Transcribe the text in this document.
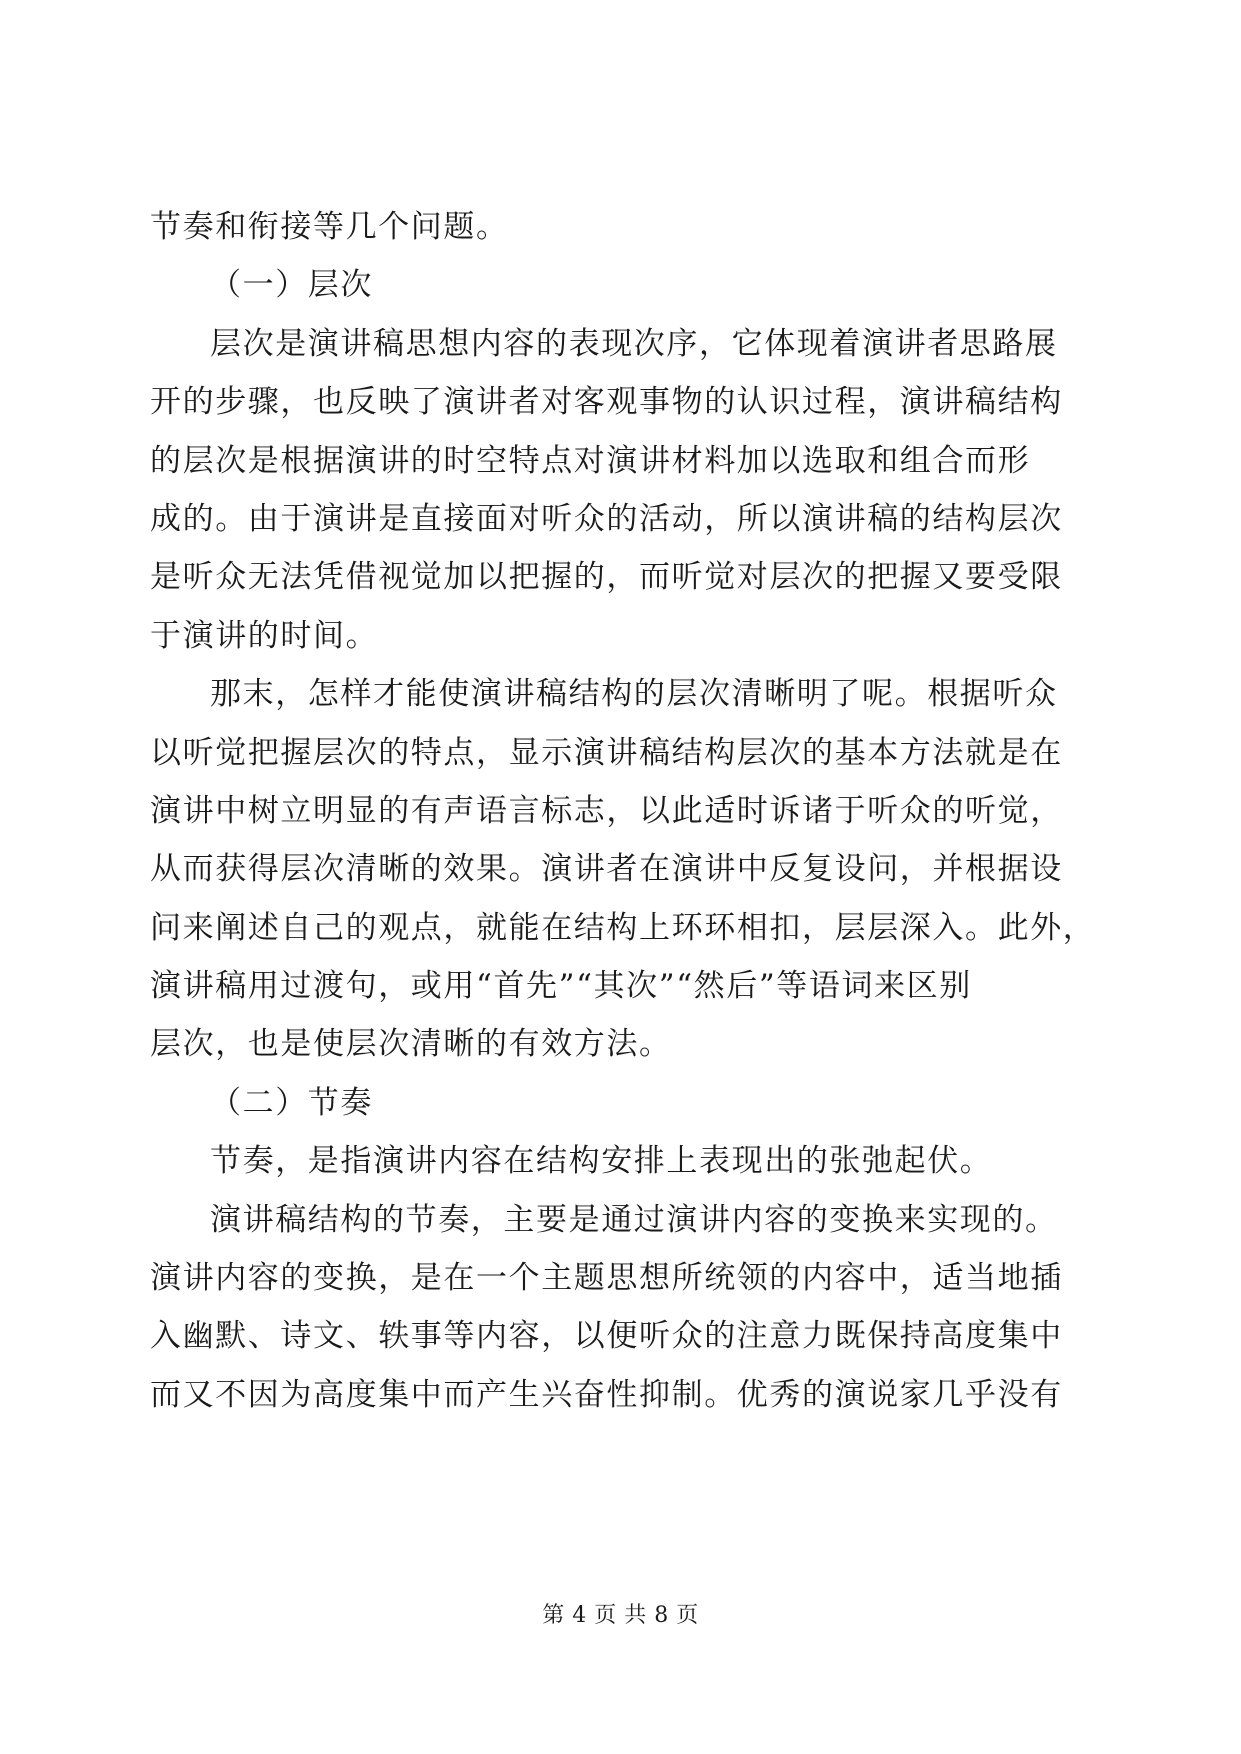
节奏和衔接等几个问题。
（一）层次
层次是演讲稿思想内容的表现次序，它体现着演讲者思路展
开的步骤，也反映了演讲者对客观事物的认识过程，演讲稿结构
的层次是根据演讲的时空特点对演讲材料加以选取和组合而形
成的。由于演讲是直接面对听众的活动，所以演讲稿的结构层次
是听众无法凭借视觉加以把握的，而听觉对层次的把握又要受限
于演讲的时间。
那末，怎样才能使演讲稿结构的层次清晰明了呢。根据听众
以听觉把握层次的特点，显示演讲稿结构层次的基本方法就是在
演讲中树立明显的有声语言标志，以此适时诉诸于听众的听觉，
从而获得层次清晰的效果。演讲者在演讲中反复设问，并根据设
问来阐述自己的观点，就能在结构上环环相扣，层层深入。此外，
演讲稿用过渡句，或用“首先”“其次”“然后”等语词来区别
层次，也是使层次清晰的有效方法。
（二）节奏
节奏，是指演讲内容在结构安排上表现出的张弛起伏。
演讲稿结构的节奏，主要是通过演讲内容的变换来实现的。
演讲内容的变换，是在一个主题思想所统领的内容中，适当地插
入幽默、诗文、轶事等内容，以便听众的注意力既保持高度集中
而又不因为高度集中而产生兴奋性抑制。优秀的演说家几乎没有
第 4 页 共 8 页
